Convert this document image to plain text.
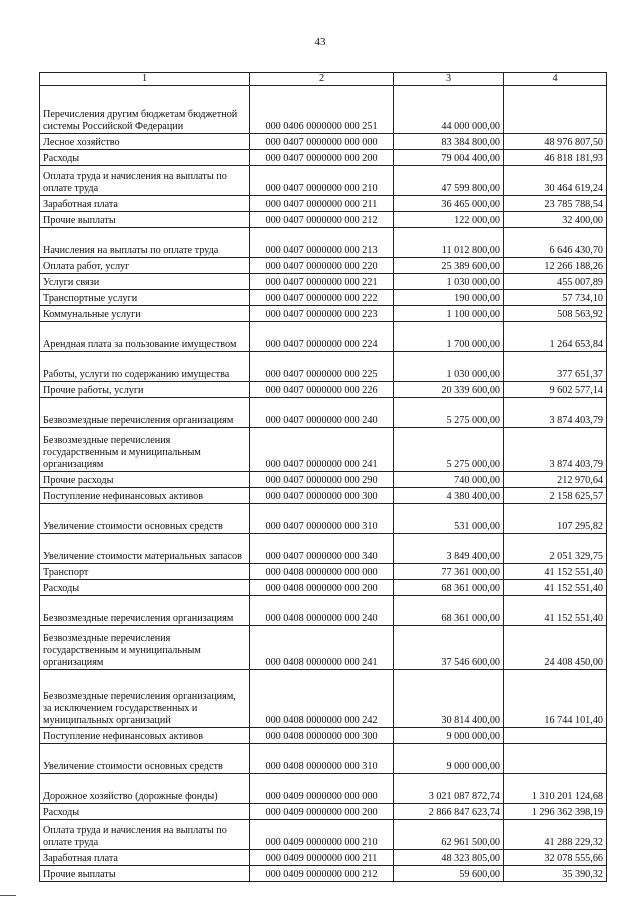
43
1	2	3	4
Перечисления другим бюджетам бюджетной системы Российской Федерации	000 0406 0000000 000 251	44 000 000,00	
Лесное хозяйство	000 0407 0000000 000 000	83 384 800,00	48 976 807,50
Расходы	000 0407 0000000 000 200	79 004 400,00	46 818 181,93
Оплата труда и начисления на выплаты по оплате труда	000 0407 0000000 000 210	47 599 800,00	30 464 619,24
Заработная плата	000 0407 0000000 000 211	36 465 000,00	23 785 788,54
Прочие выплаты	000 0407 0000000 000 212	122 000,00	32 400,00
Начисления на выплаты по оплате труда	000 0407 0000000 000 213	11 012 800,00	6 646 430,70
Оплата работ, услуг	000 0407 0000000 000 220	25 389 600,00	12 266 188,26
Услуги связи	000 0407 0000000 000 221	1 030 000,00	455 007,89
Транспортные услуги	000 0407 0000000 000 222	190 000,00	57 734,10
Коммунальные услуги	000 0407 0000000 000 223	1 100 000,00	508 563,92
Арендная плата за пользование имуществом	000 0407 0000000 000 224	1 700 000,00	1 264 653,84
Работы, услуги по содержанию имущества	000 0407 0000000 000 225	1 030 000,00	377 651,37
Прочие работы, услуги	000 0407 0000000 000 226	20 339 600,00	9 602 577,14
Безвозмездные перечисления организациям	000 0407 0000000 000 240	5 275 000,00	3 874 403,79
Безвозмездные перечисления государственным и муниципальным организациям	000 0407 0000000 000 241	5 275 000,00	3 874 403,79
Прочие расходы	000 0407 0000000 000 290	740 000,00	212 970,64
Поступление нефинансовых активов	000 0407 0000000 000 300	4 380 400,00	2 158 625,57
Увеличение стоимости основных средств	000 0407 0000000 000 310	531 000,00	107 295,82
Увеличение стоимости материальных запасов	000 0407 0000000 000 340	3 849 400,00	2 051 329,75
Транспорт	000 0408 0000000 000 000	77 361 000,00	41 152 551,40
Расходы	000 0408 0000000 000 200	68 361 000,00	41 152 551,40
Безвозмездные перечисления организациям	000 0408 0000000 000 240	68 361 000,00	41 152 551,40
Безвозмездные перечисления государственным и муниципальным организациям	000 0408 0000000 000 241	37 546 600,00	24 408 450,00
Безвозмездные перечисления организациям, за исключением государственных и муниципальных организаций	000 0408 0000000 000 242	30 814 400,00	16 744 101,40
Поступление нефинансовых активов	000 0408 0000000 000 300	9 000 000,00	
Увеличение стоимости основных средств	000 0408 0000000 000 310	9 000 000,00	
Дорожное хозяйство (дорожные фонды)	000 0409 0000000 000 000	3 021 087 872,74	1 310 201 124,68
Расходы	000 0409 0000000 000 200	2 866 847 623,74	1 296 362 398,19
Оплата труда и начисления на выплаты по оплате труда	000 0409 0000000 000 210	62 961 500,00	41 288 229,32
Заработная плата	000 0409 0000000 000 211	48 323 805,00	32 078 555,66
Прочие выплаты	000 0409 0000000 000 212	59 600,00	35 390,32
